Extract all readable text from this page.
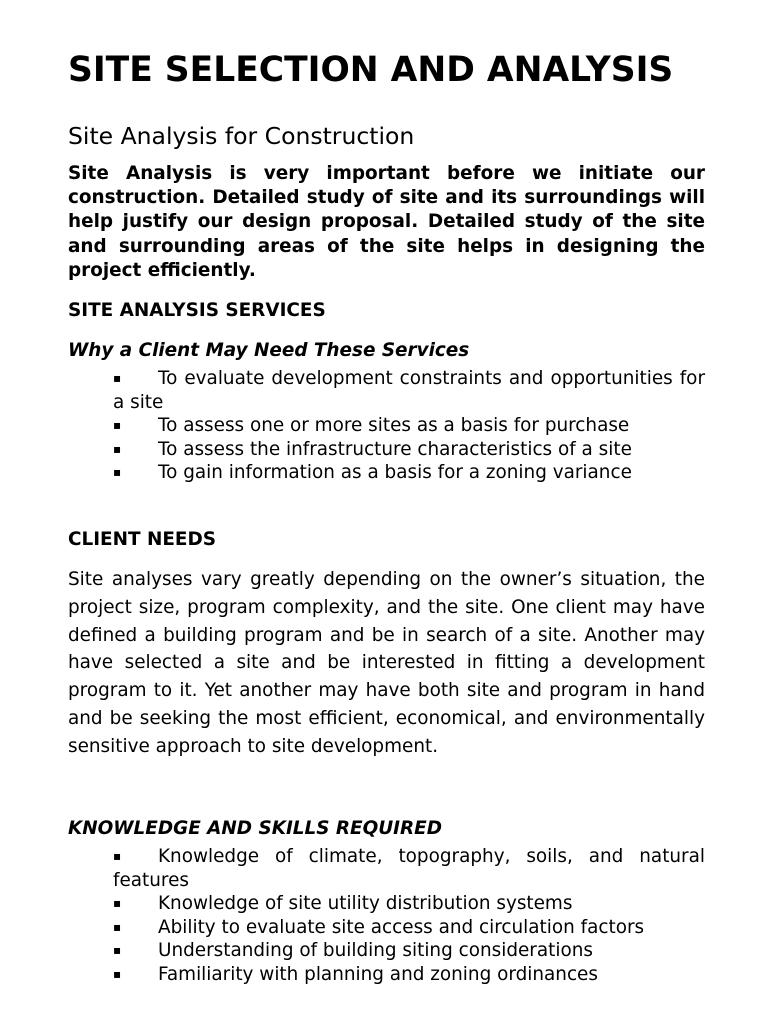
SITE SELECTION AND ANALYSIS
Site Analysis for Construction

Site Analysis is very important before we initiate our construction. Detailed study of site and its surroundings will help justify our design proposal. Detailed study of the site and surrounding areas of the site helps in designing the project efficiently.

SITE ANALYSIS SERVICES
Why a Client May Need These Services
▪ To evaluate development constraints and opportunities for a site
▪ To assess one or more sites as a basis for purchase
▪ To assess the infrastructure characteristics of a site
▪ To gain information as a basis for a zoning variance
CLIENT NEEDS

Site analyses vary greatly depending on the owner’s situation, the project size, program complexity, and the site. One client may have defined a building program and be in search of a site. Another may have selected a site and be interested in fitting a development program to it. Yet another may have both site and program in hand and be seeking the most efficient, economical, and environmentally sensitive approach to site development.

KNOWLEDGE AND SKILLS REQUIRED
▪ Knowledge of climate, topography, soils, and natural features
▪ Knowledge of site utility distribution systems
▪ Ability to evaluate site access and circulation factors
▪ Understanding of building siting considerations
▪ Familiarity with planning and zoning ordinances
